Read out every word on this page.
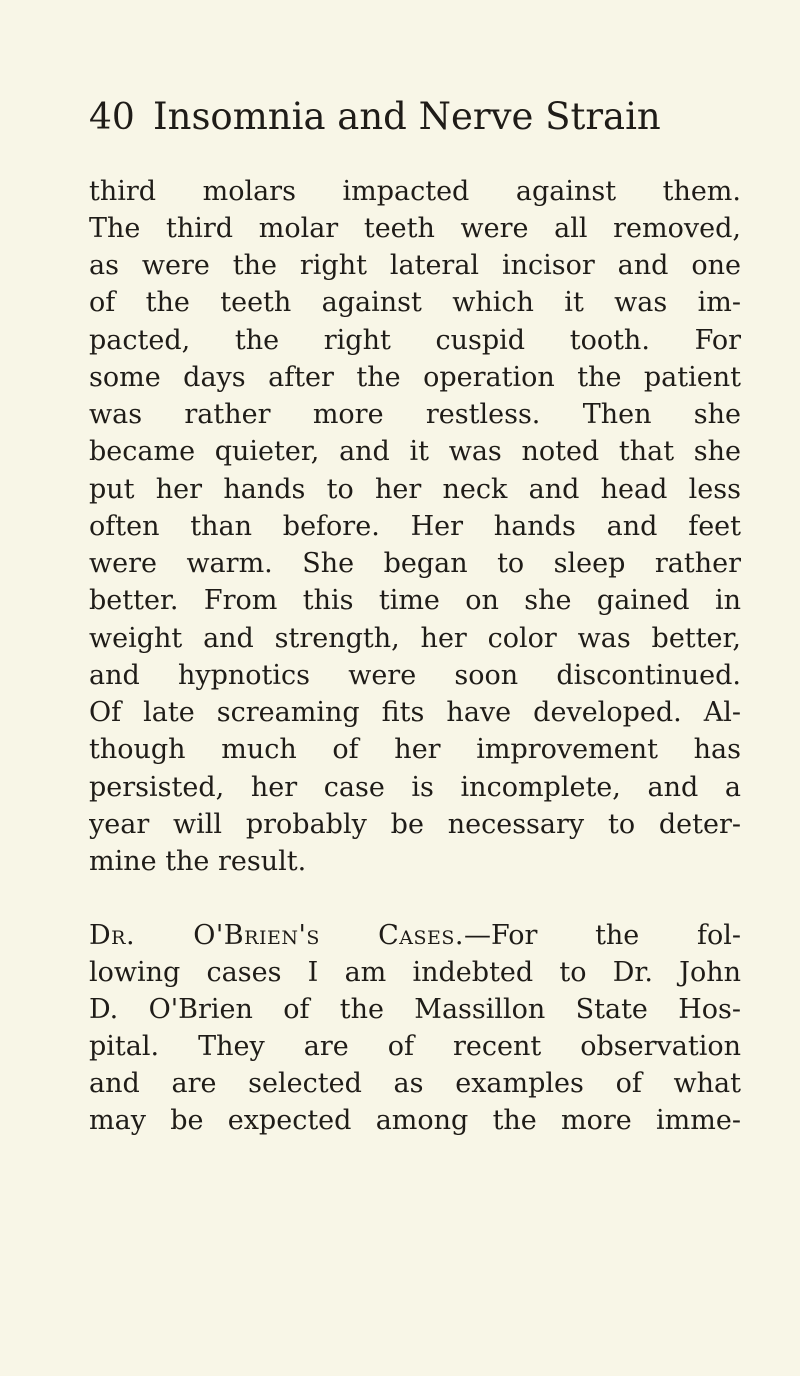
40 Insomnia and Nerve Strain
third molars impacted against them.
The third molar teeth were all removed,
as were the right lateral incisor and one
of the teeth against which it was im-
pacted, the right cuspid tooth. For
some days after the operation the patient
was rather more restless. Then she
became quieter, and it was noted that she
put her hands to her neck and head less
often than before. Her hands and feet
were warm. She began to sleep rather
better. From this time on she gained in
weight and strength, her color was better,
and hypnotics were soon discontinued.
Of late screaming fits have developed. Al-
though much of her improvement has
persisted, her case is incomplete, and a
year will probably be necessary to deter-
mine the result.
Dr. O'Brien's Cases.—For the fol-
lowing cases I am indebted to Dr. John
D. O'Brien of the Massillon State Hos-
pital. They are of recent observation
and are selected as examples of what
may be expected among the more imme-
